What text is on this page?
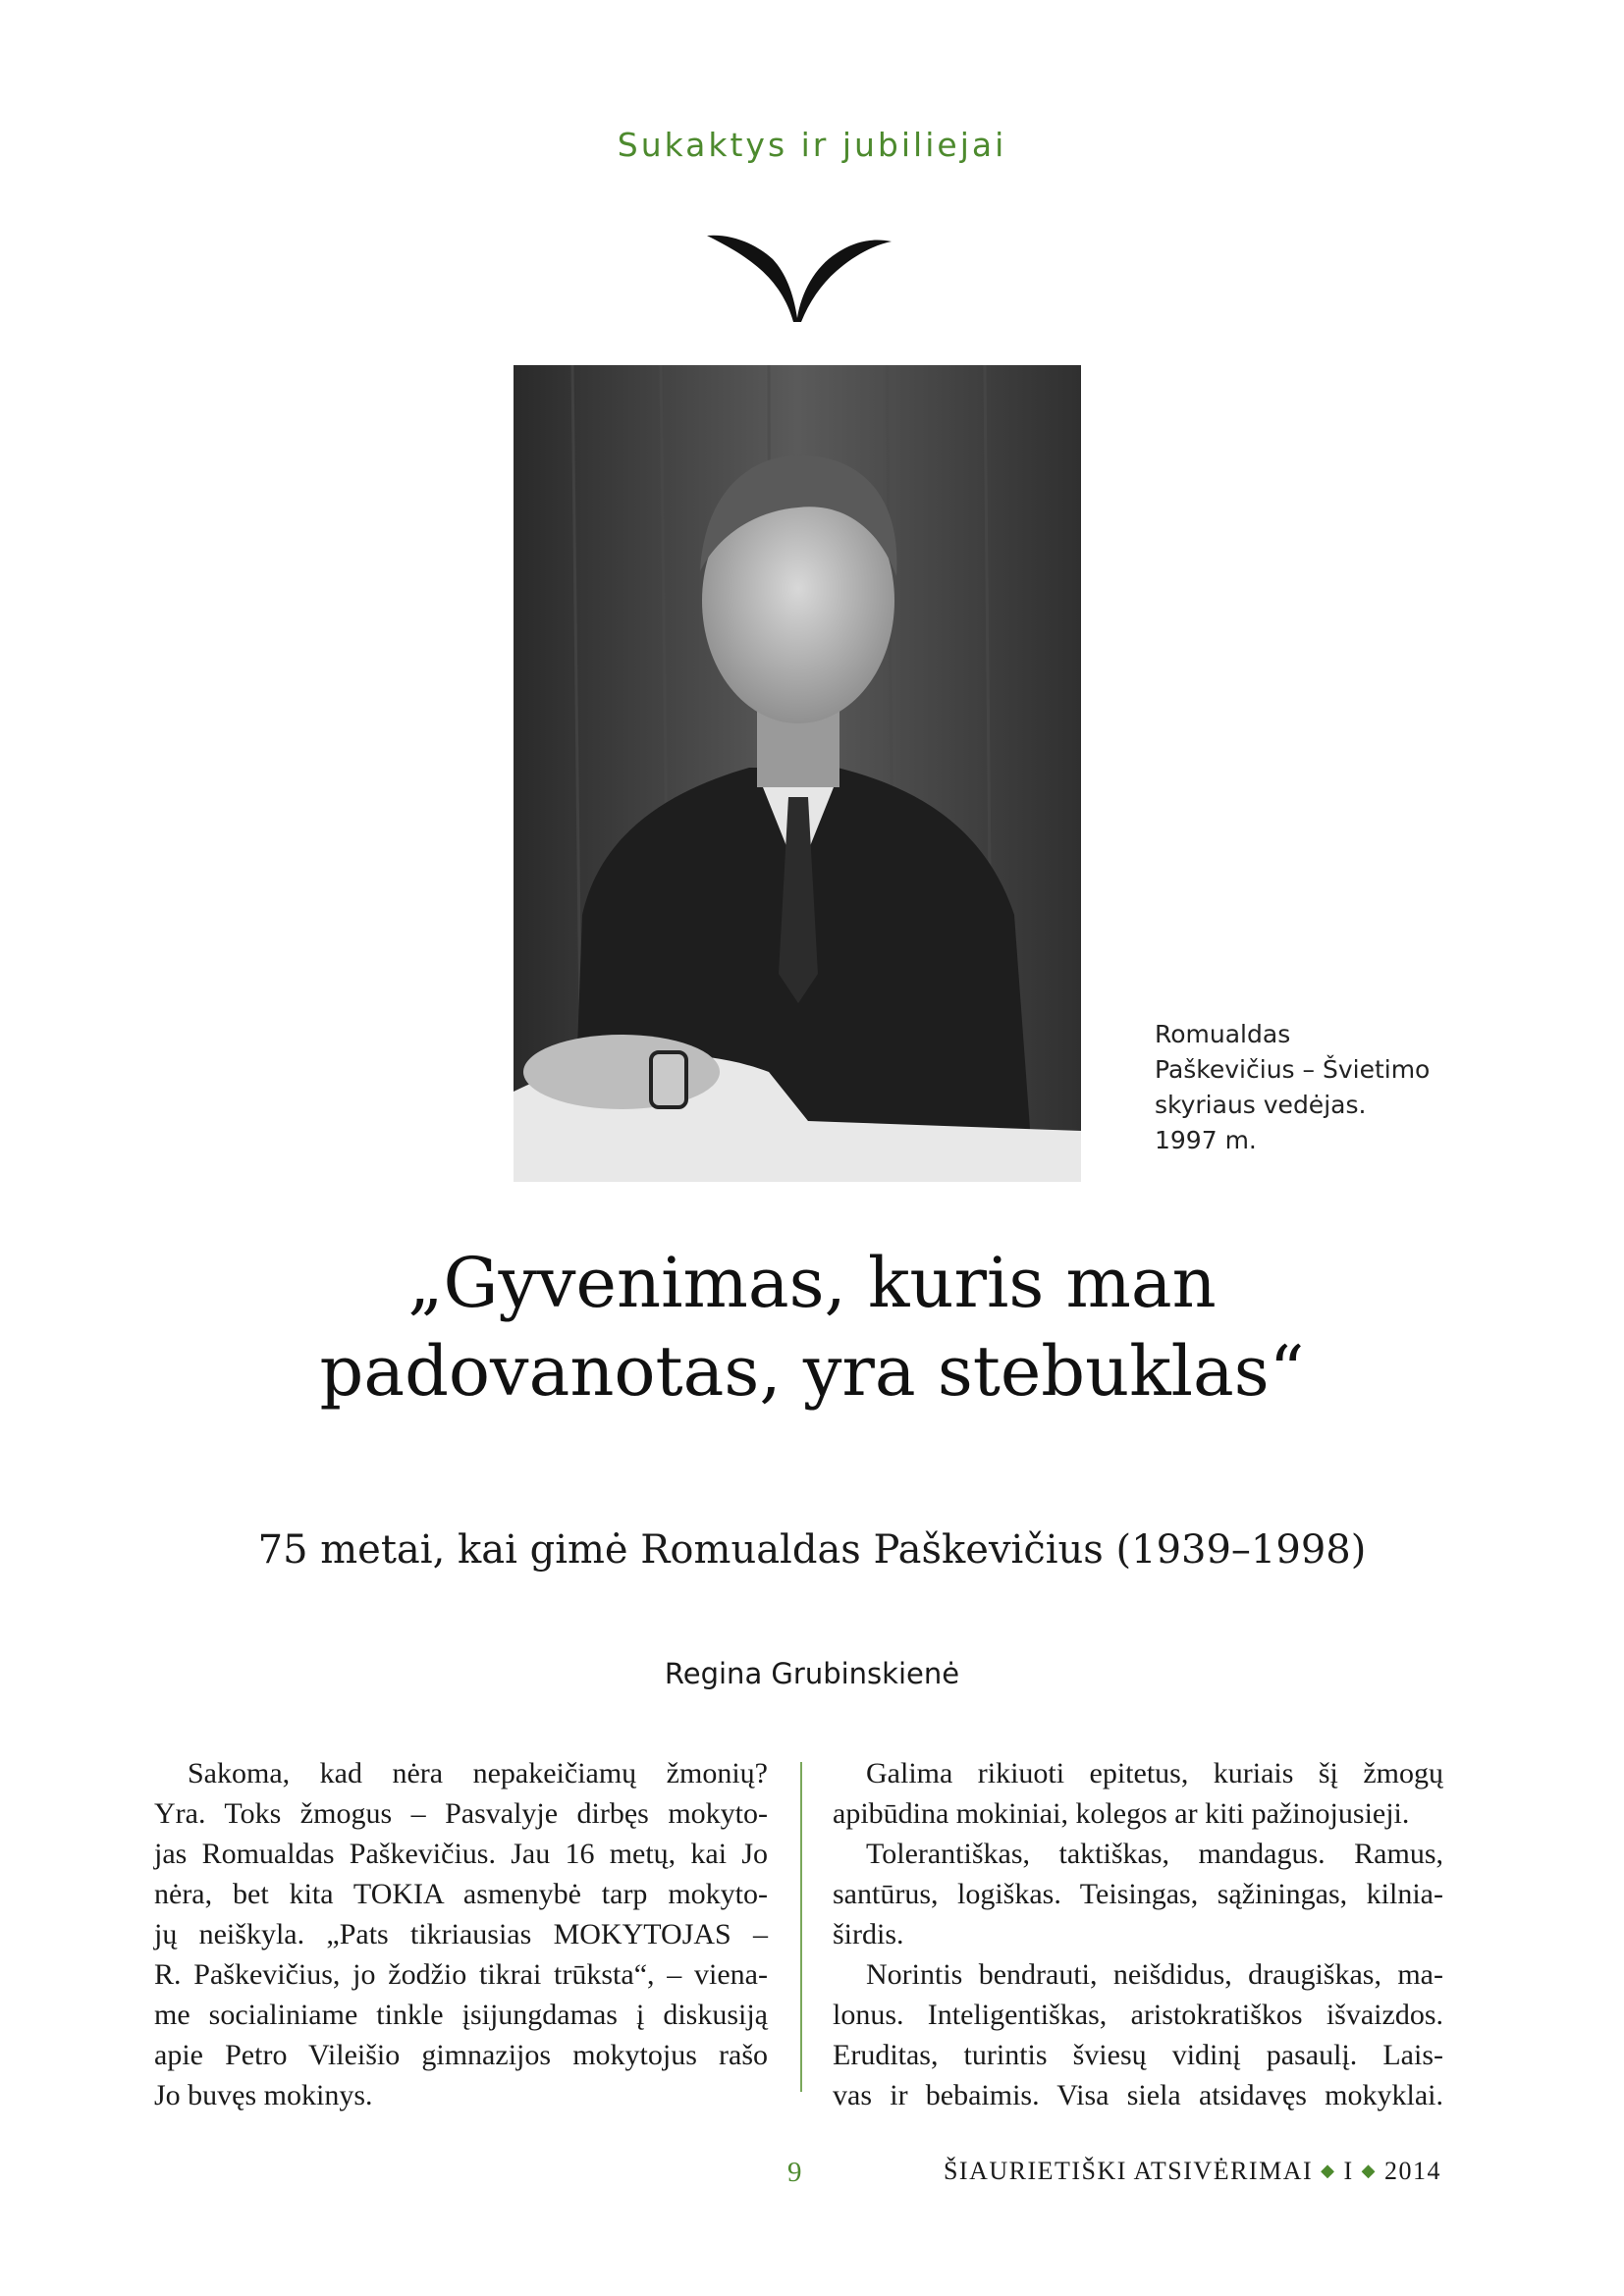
Sukaktys ir jubiliejai
Romualdas
Paškevičius – Švietimo
skyriaus vedėjas.
1997 m.
„Gyvenimas, kuris man
padovanotas, yra stebuklas“
75 metai, kai gimė Romualdas Paškevičius (1939–1998)
Regina Grubinskienė
Sakoma, kad nėra nepakeičiamų žmonių?
Yra. Toks žmogus – Pasvalyje dirbęs mokyto-
jas Romualdas Paškevičius. Jau 16 metų, kai Jo
nėra, bet kita TOKIA asmenybė tarp mokyto-
jų neiškyla. „Pats tikriausias MOKYTOJAS –
R. Paškevičius, jo žodžio tikrai trūksta“, – viena-
me socialiniame tinkle įsijungdamas į diskusiją
apie Petro Vileišio gimnazijos mokytojus rašo
Jo buvęs mokinys.
Galima rikiuoti epitetus, kuriais šį žmogų
apibūdina mokiniai, kolegos ar kiti pažinojusieji.
Tolerantiškas, taktiškas, mandagus. Ramus,
santūrus, logiškas. Teisingas, sąžiningas, kilnia-
širdis.
Norintis bendrauti, neišdidus, draugiškas, ma-
lonus. Inteligentiškas, aristokratiškos išvaizdos.
Eruditas, turintis šviesų vidinį pasaulį. Lais-
vas ir bebaimis. Visa siela atsidavęs mokyklai.
9	ŠIAURIETIŠKI ATSIVĖRIMAI ◆ I ◆ 2014
